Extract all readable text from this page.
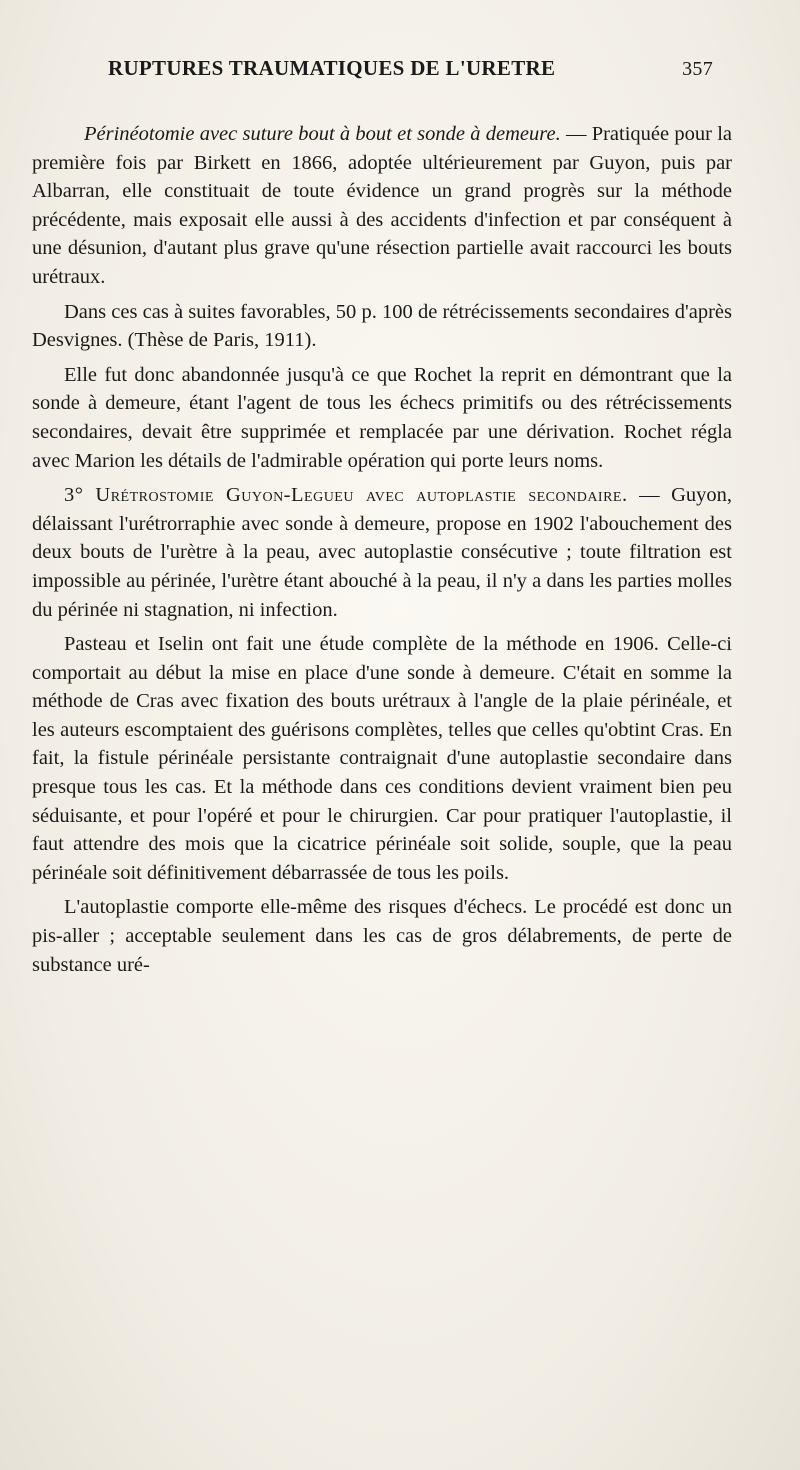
RUPTURES TRAUMATIQUES DE L'URETRE	357

Périnéotomie avec suture bout à bout et sonde à demeure. — Pratiquée pour la première fois par Birkett en 1866, adoptée ultérieurement par Guyon, puis par Albarran, elle constituait de toute évidence un grand progrès sur la méthode précédente, mais exposait elle aussi à des accidents d'infection et par conséquent à une désunion, d'autant plus grave qu'une résection partielle avait raccourci les bouts urétraux.

Dans ces cas à suites favorables, 50 p. 100 de rétrécissements secondaires d'après Desvignes. (Thèse de Paris, 1911).

Elle fut donc abandonnée jusqu'à ce que Rochet la reprit en démontrant que la sonde à demeure, étant l'agent de tous les échecs primitifs ou des rétrécissements secondaires, devait être supprimée et remplacée par une dérivation. Rochet régla avec Marion les détails de l'admirable opération qui porte leurs noms.

3° Urétrostomie Guyon-Legueu avec autoplastie secondaire. — Guyon, délaissant l'urétrorraphie avec sonde à demeure, propose en 1902 l'abouchement des deux bouts de l'urètre à la peau, avec autoplastie consécutive ; toute filtration est impossible au périnée, l'urètre étant abouché à la peau, il n'y a dans les parties molles du périnée ni stagnation, ni infection.

Pasteau et Iselin ont fait une étude complète de la méthode en 1906. Celle-ci comportait au début la mise en place d'une sonde à demeure. C'était en somme la méthode de Cras avec fixation des bouts urétraux à l'angle de la plaie périnéale, et les auteurs escomptaient des guérisons complètes, telles que celles qu'obtint Cras. En fait, la fistule périnéale persistante contraignait d'une autoplastie secondaire dans presque tous les cas. Et la méthode dans ces conditions devient vraiment bien peu séduisante, et pour l'opéré et pour le chirurgien. Car pour pratiquer l'autoplastie, il faut attendre des mois que la cicatrice périnéale soit solide, souple, que la peau périnéale soit définitivement débarrassée de tous les poils.

L'autoplastie comporte elle-même des risques d'échecs. Le procédé est donc un pis-aller ; acceptable seulement dans les cas de gros délabrements, de perte de substance uré-
